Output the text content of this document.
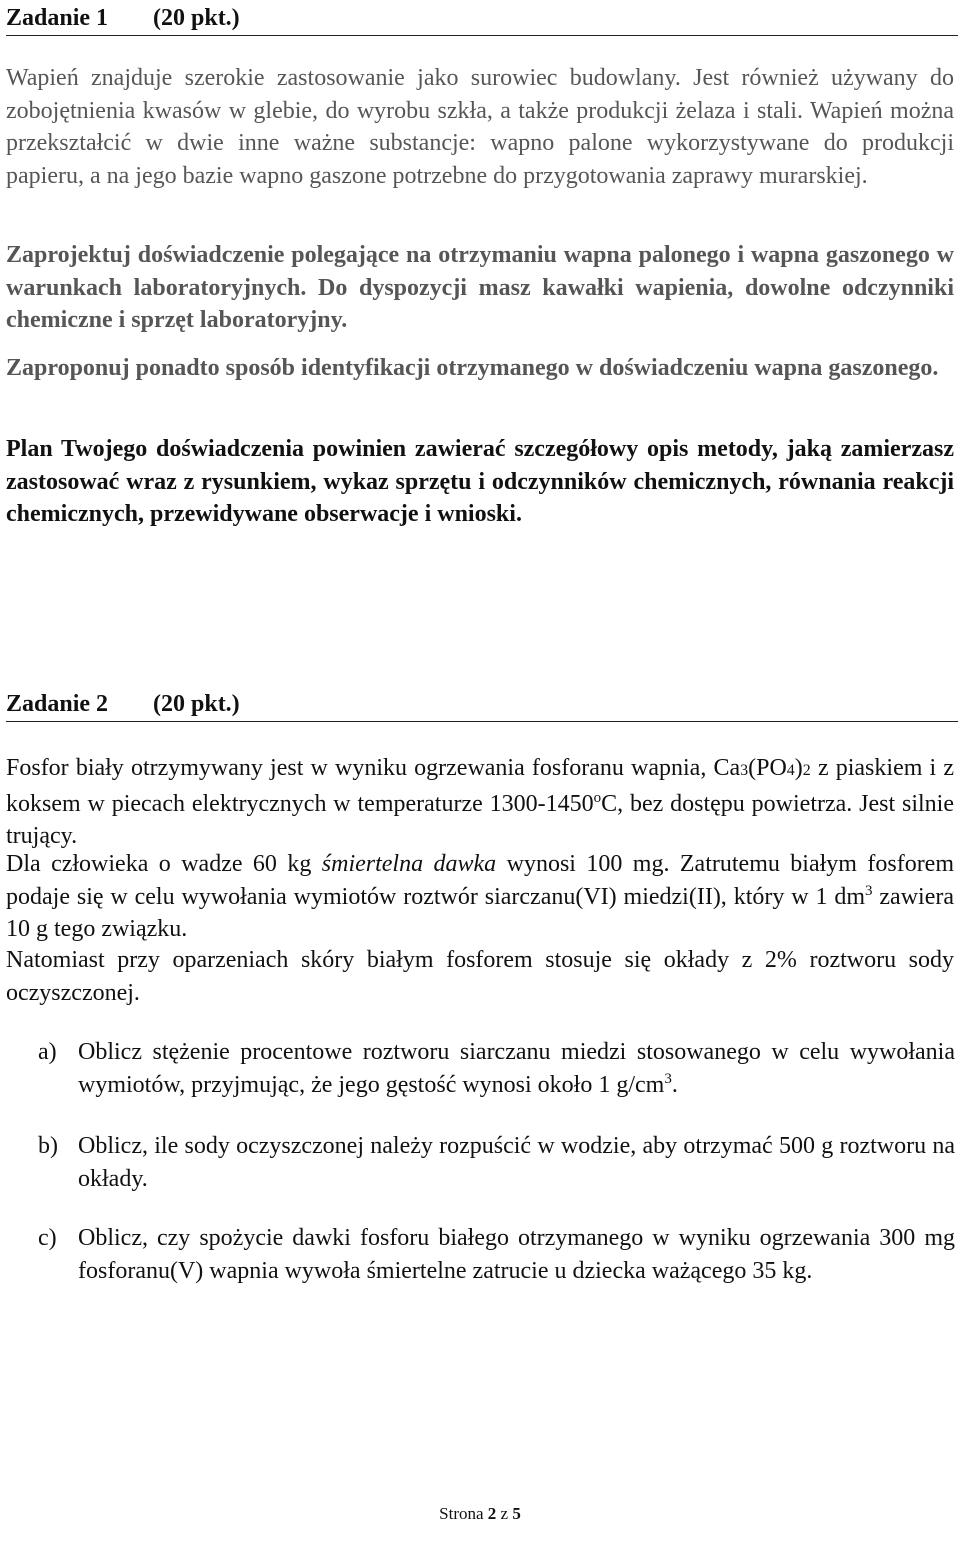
Zadanie 1 (20 pkt.)
Wapień znajduje szerokie zastosowanie jako surowiec budowlany. Jest również używany do zobojętnienia kwasów w glebie, do wyrobu szkła, a także produkcji żelaza i stali. Wapień można przekształcić w dwie inne ważne substancje: wapno palone wykorzystywane do produkcji papieru, a na jego bazie wapno gaszone potrzebne do przygotowania zaprawy murarskiej.
Zaprojektuj doświadczenie polegające na otrzymaniu wapna palonego i wapna gaszonego w warunkach laboratoryjnych. Do dyspozycji masz kawałki wapienia, dowolne odczynniki chemiczne i sprzęt laboratoryjny.
Zaproponuj ponadto sposób identyfikacji otrzymanego w doświadczeniu wapna gaszonego.
Plan Twojego doświadczenia powinien zawierać szczegółowy opis metody, jaką zamierzasz zastosować wraz z rysunkiem, wykaz sprzętu i odczynników chemicznych, równania reakcji chemicznych, przewidywane obserwacje i wnioski.
Zadanie 2 (20 pkt.)
Fosfor biały otrzymywany jest w wyniku ogrzewania fosforanu wapnia, Ca3(PO4)2 z piaskiem i z koksem w piecach elektrycznych w temperaturze 1300-1450$^o$C, bez dostępu powietrza. Jest silnie trujący.
Dla człowieka o wadze 60 kg śmiertelna dawka wynosi 100 mg. Zatrutemu białym fosforem podaje się w celu wywołania wymiotów roztwór siarczanu(VI) miedzi(II), który w 1 $dm^3$ zawiera 10 g tego związku.
Natomiast przy oparzeniach skóry białym fosforem stosuje się okłady z 2% roztworu sody oczyszczonej.
a) Oblicz stężenie procentowe roztworu siarczanu miedzi stosowanego w celu wywołania wymiotów, przyjmując, że jego gęstość wynosi około 1 $g/cm^3$.
b) Oblicz, ile sody oczyszczonej należy rozpuścić w wodzie, aby otrzymać 500 g roztworu na okłady.
c) Oblicz, czy spożycie dawki fosforu białego otrzymanego w wyniku ogrzewania 300 mg fosforanu(V) wapnia wywoła śmiertelne zatrucie u dziecka ważącego 35 kg.
Strona 2 z 5
